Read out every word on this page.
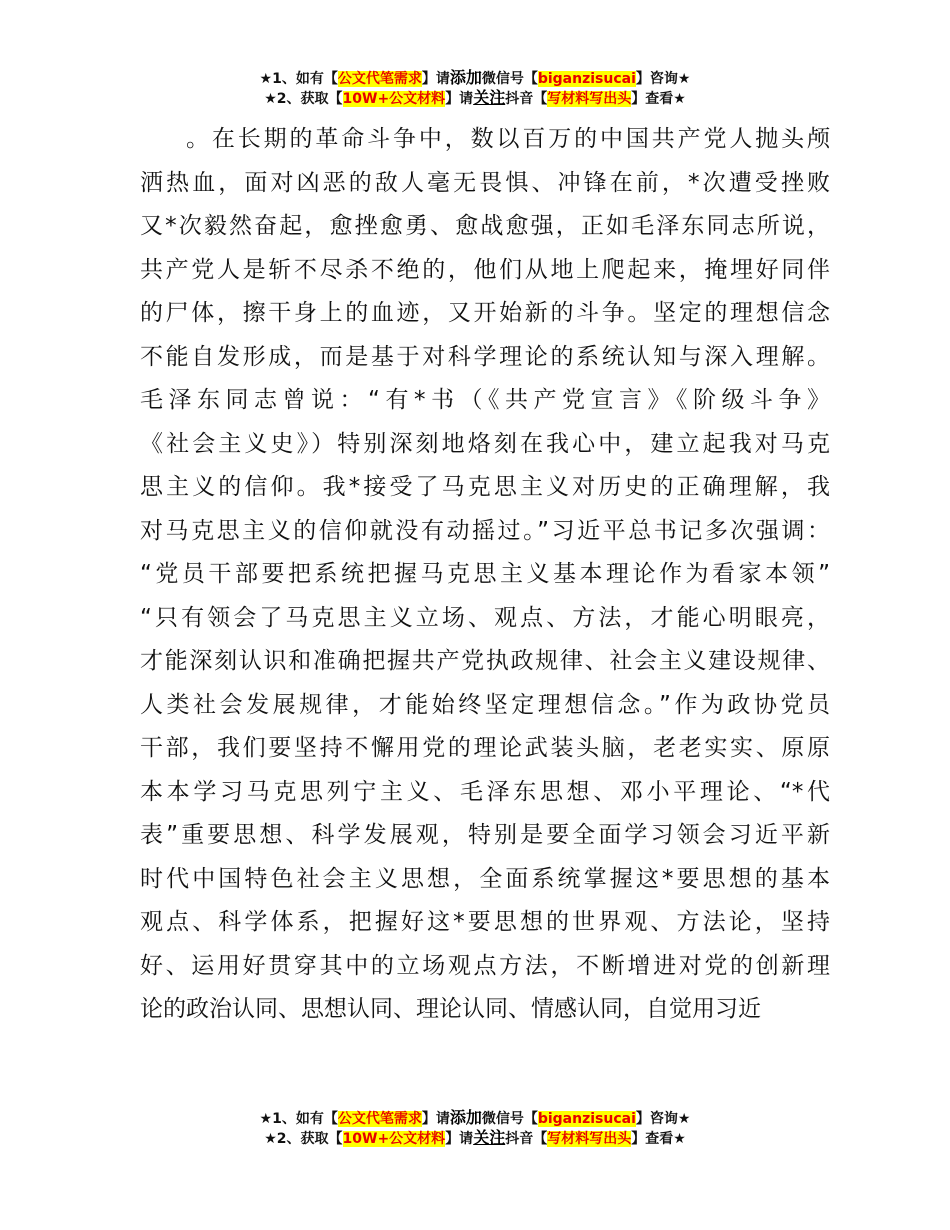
★1、如有【公文代笔需求】请添加微信号【biganzisucai】咨询★
★2、获取【10W+公文材料】请关注抖音【写材料写出头】查看★
。在长期的革命斗争中，数以百万的中国共产党人抛头颅
洒热血，面对凶恶的敌人毫无畏惧、冲锋在前，*次遭受挫败
又*次毅然奋起，愈挫愈勇、愈战愈强，正如毛泽东同志所说，
共产党人是斩不尽杀不绝的，他们从地上爬起来，掩埋好同伴
的尸体，擦干身上的血迹，又开始新的斗争。坚定的理想信念
不能自发形成，而是基于对科学理论的系统认知与深入理解。
毛泽东同志曾说：“有*书（《共产党宣言》《阶级斗争》
《社会主义史》）特别深刻地烙刻在我心中，建立起我对马克
思主义的信仰。我*接受了马克思主义对历史的正确理解，我
对马克思主义的信仰就没有动摇过。”习近平总书记多次强调：
“党员干部要把系统把握马克思主义基本理论作为看家本领”
“只有领会了马克思主义立场、观点、方法，才能心明眼亮，
才能深刻认识和准确把握共产党执政规律、社会主义建设规律、
人类社会发展规律，才能始终坚定理想信念。”作为政协党员
干部，我们要坚持不懈用党的理论武装头脑，老老实实、原原
本本学习马克思列宁主义、毛泽东思想、邓小平理论、“*代
表”重要思想、科学发展观，特别是要全面学习领会习近平新
时代中国特色社会主义思想，全面系统掌握这*要思想的基本
观点、科学体系，把握好这*要思想的世界观、方法论，坚持
好、运用好贯穿其中的立场观点方法，不断增进对党的创新理
论的政治认同、思想认同、理论认同、情感认同，自觉用习近
★1、如有【公文代笔需求】请添加微信号【biganzisucai】咨询★
★2、获取【10W+公文材料】请关注抖音【写材料写出头】查看★
